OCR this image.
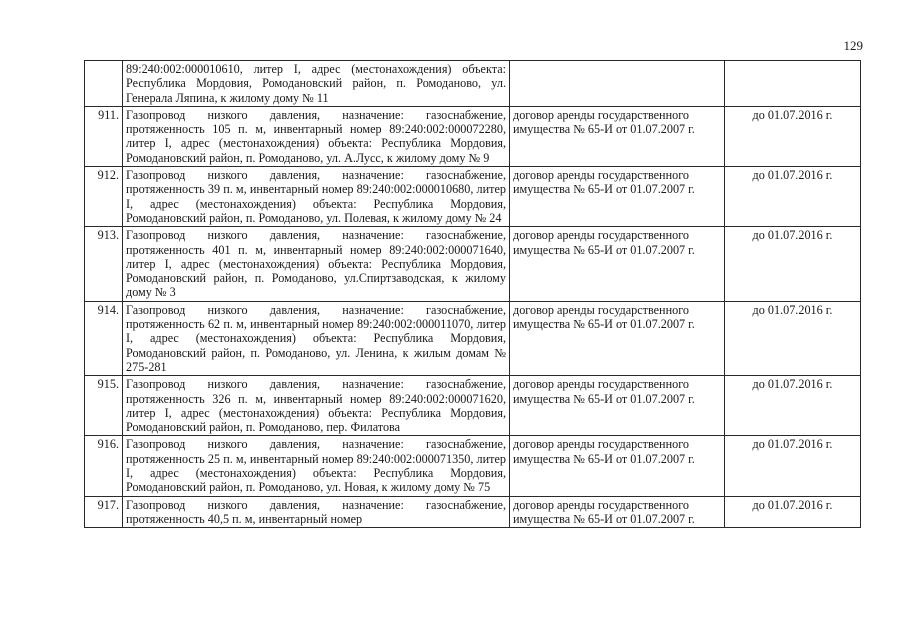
129
	89:240:002:000010610, литер I, адрес (местонахождения) объекта: Республика Мордовия, Ромодановский район, п. Ромоданово, ул. Генерала Ляпина, к жилому дому № 11		
911.	Газопровод низкого давления, назначение: газоснабжение, протяженность 105 п. м, инвентарный номер 89:240:002:000072280, литер I, адрес (местонахождения) объекта: Республика Мордовия, Ромодановский район, п. Ромоданово, ул. А.Лусс, к жилому дому № 9	договор аренды государственного имущества № 65-И от 01.07.2007 г.	до 01.07.2016 г.
912.	Газопровод низкого давления, назначение: газоснабжение, протяженность 39 п. м, инвентарный номер 89:240:002:000010680, литер I, адрес (местонахождения) объекта: Республика Мордовия, Ромодановский район, п. Ромоданово, ул. Полевая, к жилому дому № 24	договор аренды государственного имущества № 65-И от 01.07.2007 г.	до 01.07.2016 г.
913.	Газопровод низкого давления, назначение: газоснабжение, протяженность 401 п. м, инвентарный номер 89:240:002:000071640, литер I, адрес (местонахождения) объекта: Республика Мордовия, Ромодановский район, п. Ромоданово, ул.Спиртзаводская, к жилому дому № 3	договор аренды государственного имущества № 65-И от 01.07.2007 г.	до 01.07.2016 г.
914.	Газопровод низкого давления, назначение: газоснабжение, протяженность 62 п. м, инвентарный номер 89:240:002:000011070, литер I, адрес (местонахождения) объекта: Республика Мордовия, Ромодановский район, п. Ромоданово, ул. Ленина, к жилым домам № 275-281	договор аренды государственного имущества № 65-И от 01.07.2007 г.	до 01.07.2016 г.
915.	Газопровод низкого давления, назначение: газоснабжение, протяженность 326 п. м, инвентарный номер 89:240:002:000071620, литер I, адрес (местонахождения) объекта: Республика Мордовия, Ромодановский район, п. Ромоданово, пер. Филатова	договор аренды государственного имущества № 65-И от 01.07.2007 г.	до 01.07.2016 г.
916.	Газопровод низкого давления, назначение: газоснабжение, протяженность 25 п. м, инвентарный номер 89:240:002:000071350, литер I, адрес (местонахождения) объекта: Республика Мордовия, Ромодановский район, п. Ромоданово, ул. Новая, к жилому дому № 75	договор аренды государственного имущества № 65-И от 01.07.2007 г.	до 01.07.2016 г.
917.	Газопровод низкого давления, назначение: газоснабжение, протяженность 40,5 п. м, инвентарный номер	договор аренды государственного имущества № 65-И от 01.07.2007 г.	до 01.07.2016 г.
